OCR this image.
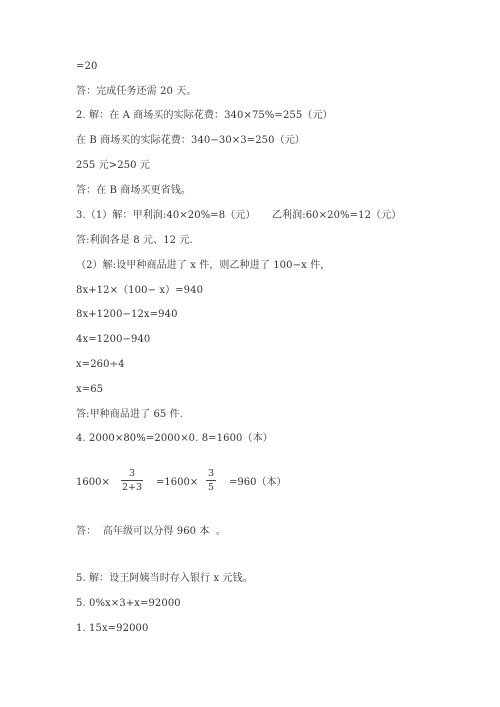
=20
答：完成任务还需 20 天。
2. 解：在 A 商场买的实际花费：340×75%=255（元）
在 B 商场买的实际花费：340−30×3=250（元）
255 元>250 元
答：在 B 商场买更省钱。
3.（1）解：甲利润:40×20%=8（元）     乙利润:60×20%=12（元）
答:利润各是 8 元、12 元.
（2）解:设甲种商品进了 x 件，则乙种进了 100−x 件，
8x+12×（100− x）=940
8x+1200−12x=940
4x=1200−940
x=260÷4
x=65
答:甲种商品进了 65 件.
4. 2000×80%=2000×0. 8=1600（本）
1600×
3
2+3 =1600×
3
5 =960（本）
答：  高年级可以分得 960 本  。
5. 解：设王阿姨当时存入银行 x 元钱。
5. 0%x×3+x=92000
1. 15x=92000
